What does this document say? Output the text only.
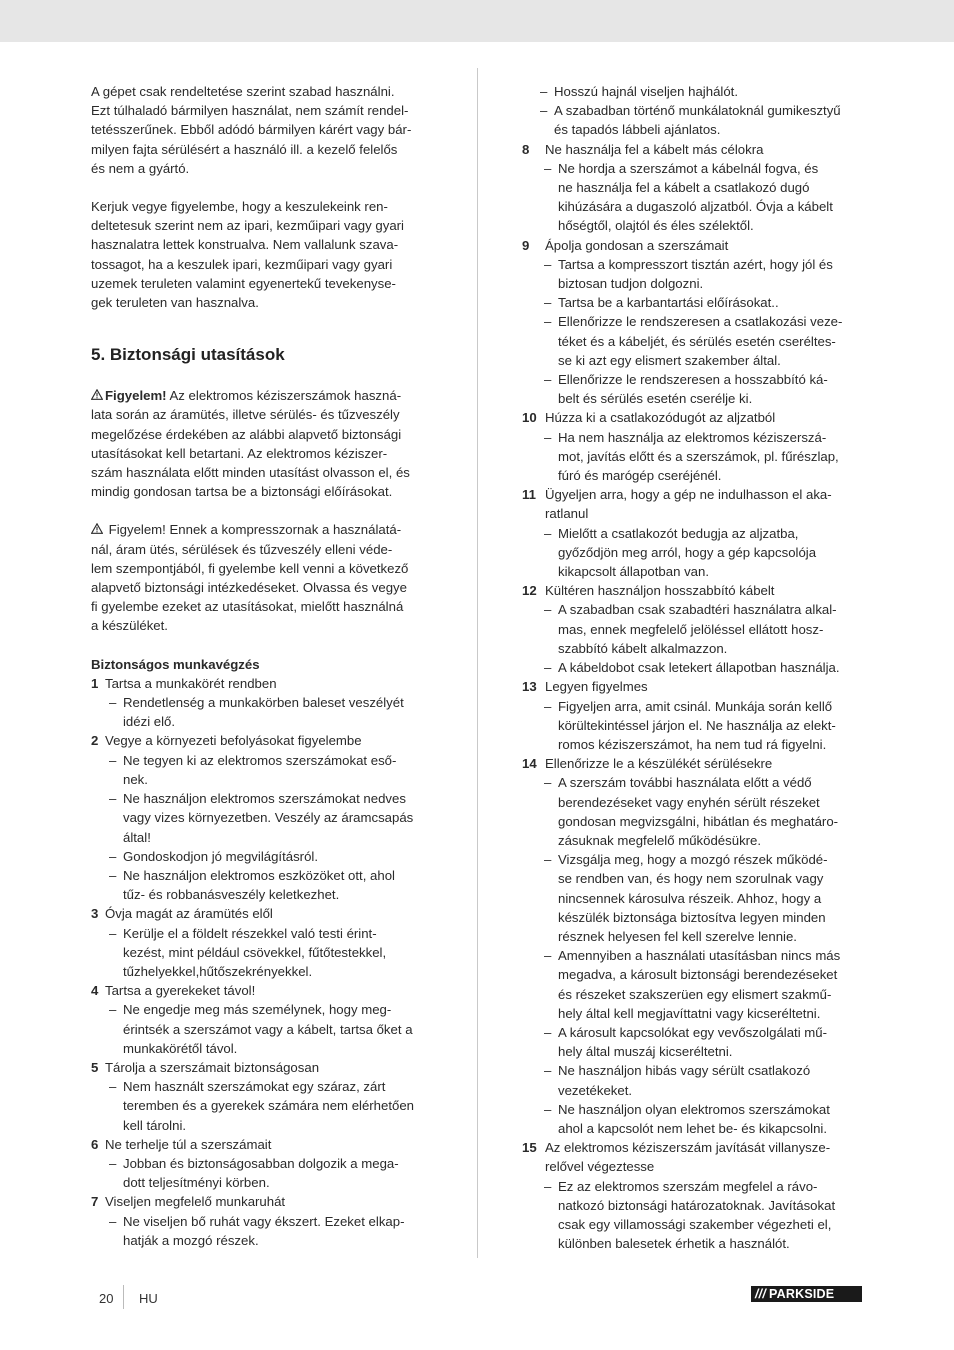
A gépet csak rendeltetése szerint szabad használni.
Ezt túlhaladó bármilyen használat, nem számít rendel-
tetésszerűnek. Ebből adódó bármilyen kárért vagy bár-
milyen fajta sérülésért a használó ill. a kezelő felelős
és nem a gyártó.
Kerjuk vegye figyelembe, hogy a keszulekeink ren-
deltetesuk szerint nem az ipari, kezműipari vagy gyari
hasznalatra lettek konstrualva. Nem vallalunk szava-
tossagot, ha a keszulek ipari, kezműipari vagy gyari
uzemek teruleten valamint egyenertekű tevekenyse-
gek teruleten van hasznalva.
5. Biztonsági utasítások
Figyelem! Az elektromos kéziszerszámok haszná-
lata során az áramütés, illetve sérülés- és tűzveszély
megelőzése érdekében az alábbi alapvető biztonsági
utasításokat kell betartani. Az elektromos kéziszer-
szám használata előtt minden utasítást olvasson el, és
mindig gondosan tartsa be a biztonsági előírásokat.
Figyelem! Ennek a kompresszornak a használatá-
nál, áram ütés, sérülések és tűzveszély elleni véde-
lem szempontjából, fi gyelembe kell venni a következő
alapvető biztonsági intézkedéseket. Olvassa és vegye
fi gyelembe ezeket az utasításokat, mielőtt használná
a készüléket.
Biztonságos munkavégzés
1 Tartsa a munkakörét rendben
– Rendetlenség a munkakörben baleset veszélyét
idézi elő.
2 Vegye a környezeti befolyásokat figyelembe
– Ne tegyen ki az elektromos szerszámokat eső-
nek.
– Ne használjon elektromos szerszámokat nedves
vagy vizes környezetben. Veszély az áramcsapás
által!
– Gondoskodjon jó megvilágításról.
– Ne használjon elektromos eszközöket ott, ahol
tűz- és robbanásveszély keletkezhet.
3 Óvja magát az áramütés elől
– Kerülje el a földelt részekkel való testi érint-
kezést, mint például csövekkel, fűtőtestekkel,
tűzhelyekkel,hűtőszekrényekkel.
4 Tartsa a gyerekeket távol!
– Ne engedje meg más személynek, hogy meg-
érintsék a szerszámot vagy a kábelt, tartsa őket a
munkakörétől távol.
5 Tárolja a szerszámait biztonságosan
– Nem használt szerszámokat egy száraz, zárt
teremben és a gyerekek számára nem elérhetően
kell tárolni.
6 Ne terhelje túl a szerszámait
– Jobban és biztonságosabban dolgozik a mega-
dott teljesítményi körben.
7 Viseljen megfelelő munkaruhát
– Ne viseljen bő ruhát vagy ékszert. Ezeket elkap-
hatják a mozgó részek.
– Hosszú hajnál viseljen hajhálót.
– A szabadban történő munkálatoknál gumikesztyű
és tapadós lábbeli ajánlatos.
8 Ne használja fel a kábelt más célokra
– Ne hordja a szerszámot a kábelnál fogva, és
ne használja fel a kábelt a csatlakozó dugó
kihúzására a dugaszoló aljzatból. Óvja a kábelt
hőségtől, olajtól és éles szélektől.
9 Ápolja gondosan a szerszámait
– Tartsa a kompresszort tisztán azért, hogy jól és
biztosan tudjon dolgozni.
– Tartsa be a karbantartási előírásokat..
– Ellenőrizze le rendszeresen a csatlakozási veze-
téket és a kábeljét, és sérülés esetén cseréltes-
se ki azt egy elismert szakember által.
– Ellenőrizze le rendszeresen a hosszabbító ká-
belt és sérülés esetén cserélje ki.
10 Húzza ki a csatlakozódugót az aljzatból
– Ha nem használja az elektromos kéziszerszá-
mot, javítás előtt és a szerszámok, pl. fűrészlap,
fúró és marógép cseréjénél.
11 Ügyeljen arra, hogy a gép ne indulhasson el aka-
ratlanul
– Mielőtt a csatlakozót bedugja az aljzatba,
győződjön meg arról, hogy a gép kapcsolója
kikapcsolt állapotban van.
12 Kültéren használjon hosszabbító kábelt
– A szabadban csak szabadtéri használatra alkal-
mas, ennek megfelelő jelöléssel ellátott hosz-
szabbító kábelt alkalmazzon.
– A kábeldobot csak letekert állapotban használja.
13 Legyen figyelmes
– Figyeljen arra, amit csinál. Munkája során kellő
körültekintéssel járjon el. Ne használja az elekt-
romos kéziszerszámot, ha nem tud rá figyelni.
14 Ellenőrizze le a készülékét sérülésekre
– A szerszám további használata előtt a védő
berendezéseket vagy enyhén sérült részeket
gondosan megvizsgálni, hibátlan és meghatáro-
zásuknak megfelelő működésükre.
– Vizsgálja meg, hogy a mozgó részek működé-
se rendben van, és hogy nem szorulnak vagy
nincsennek károsulva részeik. Ahhoz, hogy a
készülék biztonsága biztosítva legyen minden
résznek helyesen fel kell szerelve lennie.
– Amennyiben a használati utasításban nincs más
megadva, a károsult biztonsági berendezéseket
és részeket szakszerüen egy elismert szakmű-
hely által kell megjavíttatni vagy kicseréltetni.
– A károsult kapcsolókat egy vevőszolgálati mű-
hely által muszáj kicseréltetni.
– Ne használjon hibás vagy sérült csatlakozó
vezetékeket.
– Ne használjon olyan elektromos szerszámokat
ahol a kapcsolót nem lehet be- és kikapcsolni.
15 Az elektromos kéziszerszám javítását villanysze-
relővel végeztesse
– Ez az elektromos szerszám megfelel a rávo-
natkozó biztonsági határozatoknak. Javításokat
csak egy villamossági szakember végezheti el,
különben balesetek érhetik a használót.
20 HU	/// PARKSIDE
